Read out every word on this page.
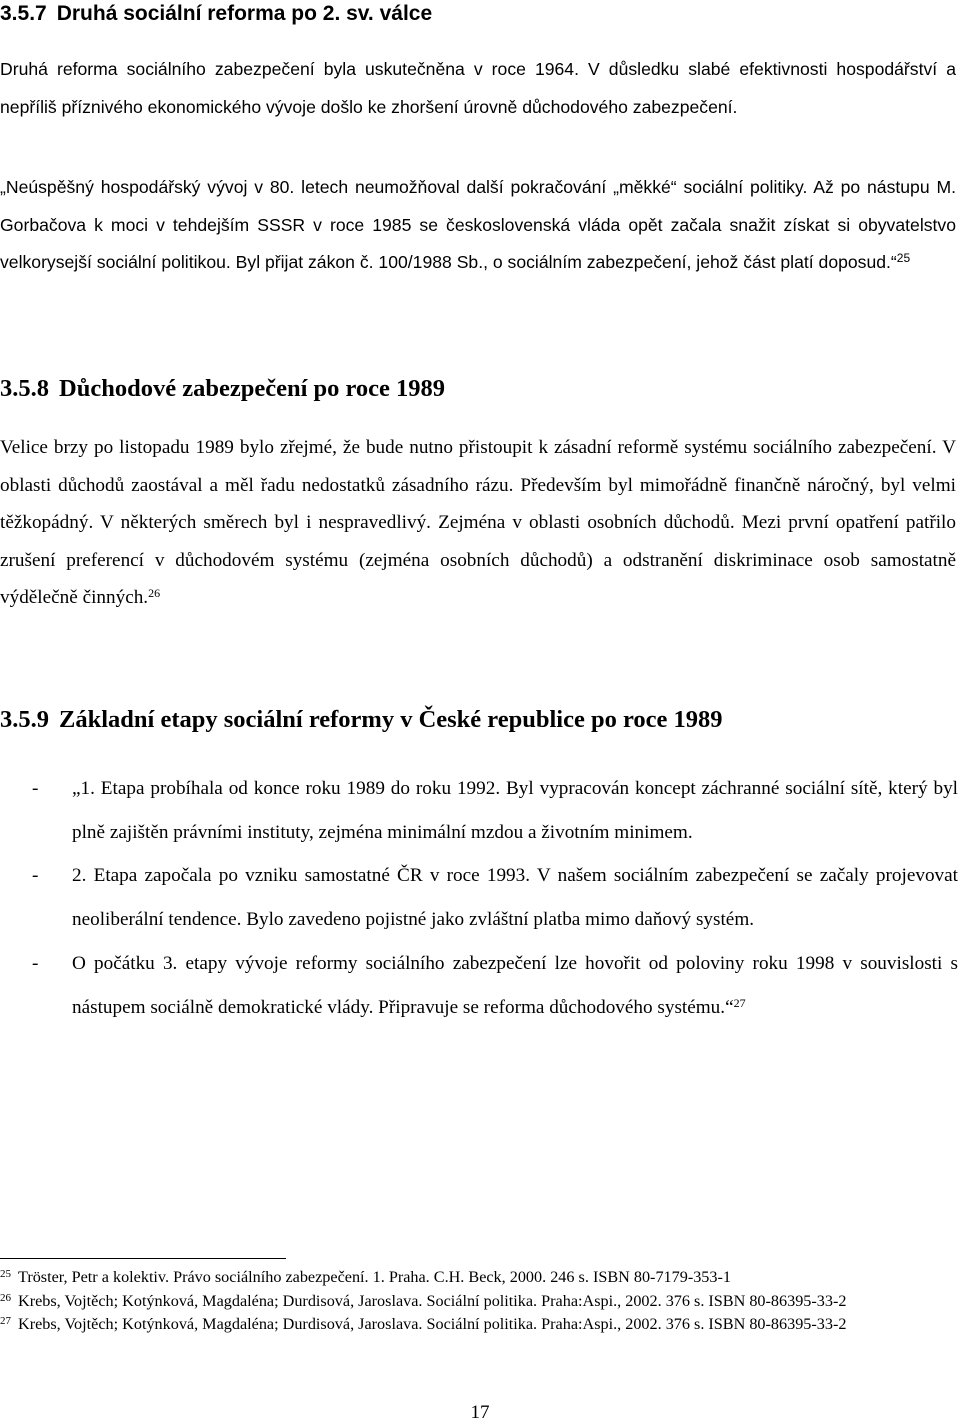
3.5.7 Druhá sociální reforma po 2. sv. válce

Druhá reforma sociálního zabezpečení byla uskutečněna v roce 1964. V důsledku slabé efektivnosti hospodářství a nepříliš příznivého ekonomického vývoje došlo ke zhoršení úrovně důchodového zabezpečení.

„Neúspěšný hospodářský vývoj v 80. letech neumožňoval další pokračování „měkké“ sociální politiky. Až po nástupu M. Gorbačova k moci v tehdejším SSSR v roce 1985 se československá vláda opět začala snažit získat si obyvatelstvo velkorysejší sociální politikou. Byl přijat zákon č. 100/1988 Sb., o sociálním zabezpečení, jehož část platí doposud.“$^{25}$

3.5.8 Důchodové zabezpečení po roce 1989

Velice brzy po listopadu 1989 bylo zřejmé, že bude nutno přistoupit k zásadní reformě systému sociálního zabezpečení. V oblasti důchodů zaostával a měl řadu nedostatků zásadního rázu. Především byl mimořádně finančně náročný, byl velmi těžkopádný. V některých směrech byl i nespravedlivý. Zejména v oblasti osobních důchodů. Mezi první opatření patřilo zrušení preferencí v důchodovém systému (zejména osobních důchodů) a odstranění diskriminace osob samostatně výdělečně činných.$^{26}$

3.5.9 Základní etapy sociální reformy v České republice po roce 1989
- „1. Etapa probíhala od konce roku 1989 do roku 1992. Byl vypracován koncept záchranné sociální sítě, který byl plně zajištěn právními instituty, zejména minimální mzdou a životním minimem.
- 2. Etapa započala po vzniku samostatné ČR v roce 1993. V našem sociálním zabezpečení se začaly projevovat neoliberální tendence. Bylo zavedeno pojistné jako zvláštní platba mimo daňový systém.
- O počátku 3. etapy vývoje reformy sociálního zabezpečení lze hovořit od poloviny roku 1998 v souvislosti s nástupem sociálně demokratické vlády. Připravuje se reforma důchodového systému.“$^{27}$

$^{25}$ Tröster, Petr a kolektiv. Právo sociálního zabezpečení. 1. Praha. C.H. Beck, 2000. 246 s. ISBN 80-7179-353-1

$^{26}$ Krebs, Vojtěch; Kotýnková, Magdaléna; Durdisová, Jaroslava. Sociální politika. Praha:Aspi., 2002. 376 s. ISBN 80-86395-33-2

$^{27}$ Krebs, Vojtěch; Kotýnková, Magdaléna; Durdisová, Jaroslava. Sociální politika. Praha:Aspi., 2002. 376 s. ISBN 80-86395-33-2

17
